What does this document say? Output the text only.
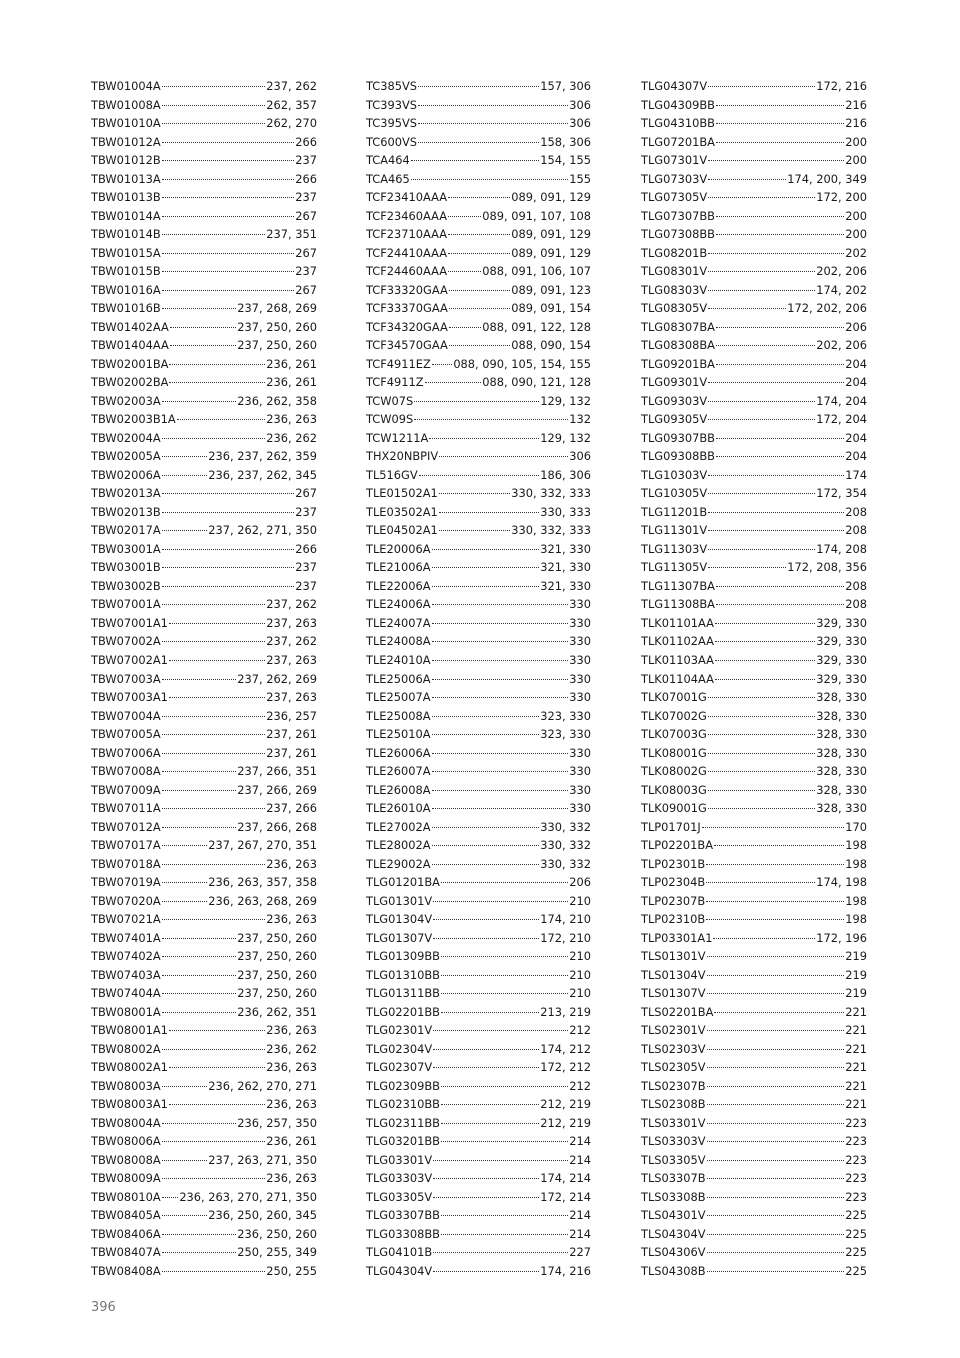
TBW01004A	237, 262
TBW01008A	262, 357
TBW01010A	262, 270
TBW01012A	266
TBW01012B	237
TBW01013A	266
TBW01013B	237
TBW01014A	267
TBW01014B	237, 351
TBW01015A	267
TBW01015B	237
TBW01016A	267
TBW01016B	237, 268, 269
TBW01402AA	237, 250, 260
TBW01404AA	237, 250, 260
TBW02001BA	236, 261
TBW02002BA	236, 261
TBW02003A	236, 262, 358
TBW02003B1A	236, 263
TBW02004A	236, 262
TBW02005A	236, 237, 262, 359
TBW02006A	236, 237, 262, 345
TBW02013A	267
TBW02013B	237
TBW02017A	237, 262, 271, 350
TBW03001A	266
TBW03001B	237
TBW03002B	237
TBW07001A	237, 262
TBW07001A1	237, 263
TBW07002A	237, 262
TBW07002A1	237, 263
TBW07003A	237, 262, 269
TBW07003A1	237, 263
TBW07004A	236, 257
TBW07005A	237, 261
TBW07006A	237, 261
TBW07008A	237, 266, 351
TBW07009A	237, 266, 269
TBW07011A	237, 266
TBW07012A	237, 266, 268
TBW07017A	237, 267, 270, 351
TBW07018A	236, 263
TBW07019A	236, 263, 357, 358
TBW07020A	236, 263, 268, 269
TBW07021A	236, 263
TBW07401A	237, 250, 260
TBW07402A	237, 250, 260
TBW07403A	237, 250, 260
TBW07404A	237, 250, 260
TBW08001A	236, 262, 351
TBW08001A1	236, 263
TBW08002A	236, 262
TBW08002A1	236, 263
TBW08003A	236, 262, 270, 271
TBW08003A1	236, 263
TBW08004A	236, 257, 350
TBW08006A	236, 261
TBW08008A	237, 263, 271, 350
TBW08009A	236, 263
TBW08010A 236, 263, 270, 271, 350
TBW08405A	236, 250, 260, 345
TBW08406A	236, 250, 260
TBW08407A	250, 255, 349
TBW08408A	250, 255
TC385VS	157, 306
TC393VS	306
TC395VS	306
TC600VS	158, 306
TCA464	154, 155
TCA465	155
TCF23410AAA	089, 091, 129
TCF23460AAA	089, 091, 107, 108
TCF23710AAA	089, 091, 129
TCF24410AAA	089, 091, 129
TCF24460AAA	088, 091, 106, 107
TCF33320GAA	089, 091, 123
TCF33370GAA	089, 091, 154
TCF34320GAA	088, 091, 122, 128
TCF34570GAA	088, 090, 154
TCF4911EZ 088, 090, 105, 154, 155
TCF4911Z	088, 090, 121, 128
TCW07S	129, 132
TCW09S	132
TCW1211A	129, 132
THX20NBPIV	306
TL516GV	186, 306
TLE01502A1	330, 332, 333
TLE03502A1	330, 333
TLE04502A1	330, 332, 333
TLE20006A	321, 330
TLE21006A	321, 330
TLE22006A	321, 330
TLE24006A	330
TLE24007A	330
TLE24008A	330
TLE24010A	330
TLE25006A	330
TLE25007A	330
TLE25008A	323, 330
TLE25010A	323, 330
TLE26006A	330
TLE26007A	330
TLE26008A	330
TLE26010A	330
TLE27002A	330, 332
TLE28002A	330, 332
TLE29002A	330, 332
TLG01201BA	206
TLG01301V	210
TLG01304V	174, 210
TLG01307V	172, 210
TLG01309BB	210
TLG01310BB	210
TLG01311BB	210
TLG02201BB	213, 219
TLG02301V	212
TLG02304V	174, 212
TLG02307V	172, 212
TLG02309BB	212
TLG02310BB	212, 219
TLG02311BB	212, 219
TLG03201BB	214
TLG03301V	214
TLG03303V	174, 214
TLG03305V	172, 214
TLG03307BB	214
TLG03308BB	214
TLG04101B	227
TLG04304V	174, 216
TLG04307V	172, 216
TLG04309BB	216
TLG04310BB	216
TLG07201BA	200
TLG07301V	200
TLG07303V	174, 200, 349
TLG07305V	172, 200
TLG07307BB	200
TLG07308BB	200
TLG08201B	202
TLG08301V	202, 206
TLG08303V	174, 202
TLG08305V	172, 202, 206
TLG08307BA	206
TLG08308BA	202, 206
TLG09201BA	204
TLG09301V	204
TLG09303V	174, 204
TLG09305V	172, 204
TLG09307BB	204
TLG09308BB	204
TLG10303V	174
TLG10305V	172, 354
TLG11201B	208
TLG11301V	208
TLG11303V	174, 208
TLG11305V	172, 208, 356
TLG11307BA	208
TLG11308BA	208
TLK01101AA	329, 330
TLK01102AA	329, 330
TLK01103AA	329, 330
TLK01104AA	329, 330
TLK07001G	328, 330
TLK07002G	328, 330
TLK07003G	328, 330
TLK08001G	328, 330
TLK08002G	328, 330
TLK08003G	328, 330
TLK09001G	328, 330
TLP01701J	170
TLP02201BA	198
TLP02301B	198
TLP02304B	174, 198
TLP02307B	198
TLP02310B	198
TLP03301A1	172, 196
TLS01301V	219
TLS01304V	219
TLS01307V	219
TLS02201BA	221
TLS02301V	221
TLS02303V	221
TLS02305V	221
TLS02307B	221
TLS02308B	221
TLS03301V	223
TLS03303V	223
TLS03305V	223
TLS03307B	223
TLS03308B	223
TLS04301V	225
TLS04304V	225
TLS04306V	225
TLS04308B	225
396
